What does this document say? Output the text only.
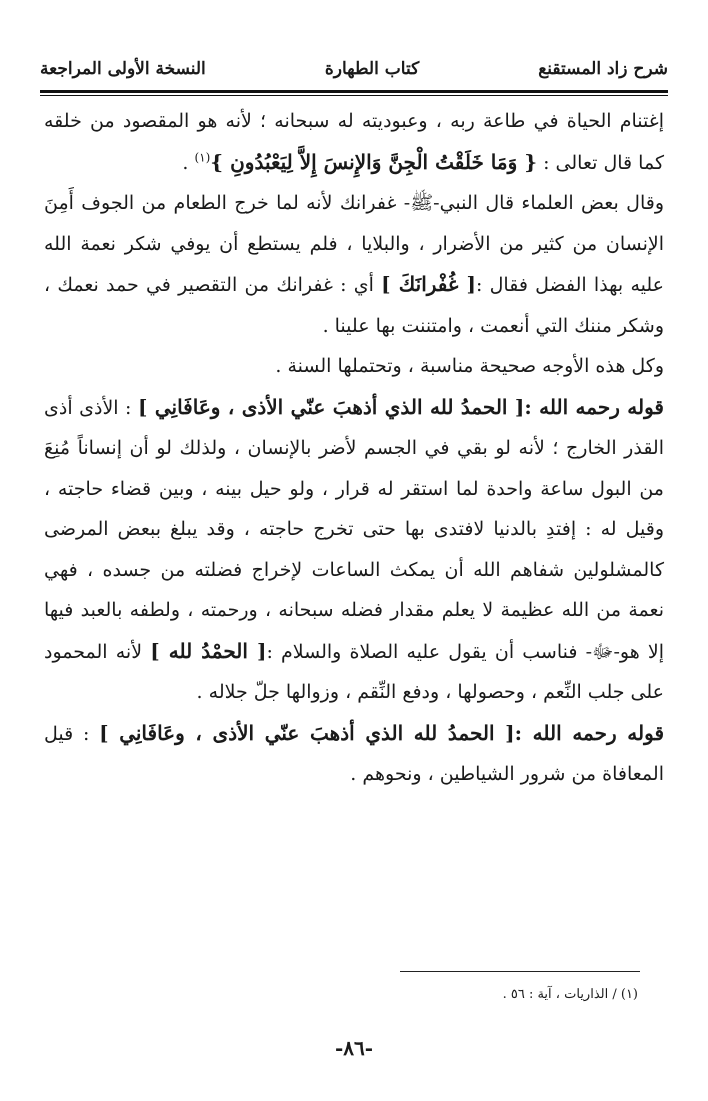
شرح زاد المستقنع
كتاب الطهارة
النسخة الأولى المراجعة

إغتنام الحياة في طاعة ربه ، وعبوديته له سبحانه ؛ لأنه هو المقصود من خلقه كما قال تعالى : { وَمَا خَلَقْتُ الْجِنَّ وَالإِنسَ إِلاَّ لِيَعْبُدُونِ }$^{(١)}$ .

وقال بعض العلماء قال النبي-ﷺ- غفرانك لأنه لما خرج الطعام من الجوف أَمِنَ الإنسان من كثير من الأضرار ، والبلايا ، فلم يستطع أن يوفي شكر نعمة الله عليه بهذا الفضل فقال :[ غُفْرانَكَ ] أي : غفرانك من التقصير في حمد نعمك ، وشكر مننك التي أنعمت ، وامتننت بها علينا .

وكل هذه الأوجه صحيحة مناسبة ، وتحتملها السنة .

قوله رحمه الله :[ الحمدُ لله الذي أذهبَ عنّي الأذى ، وعَافَانِي ] : الأذى أذى القذر الخارج ؛ لأنه لو بقي في الجسم لأضر بالإنسان ، ولذلك لو أن إنساناً مُنِعَ من البول ساعة واحدة لما استقر له قرار ، ولو حيل بينه ، وبين قضاء حاجته ، وقيل له : إفتدِ بالدنيا لافتدى بها حتى تخرج حاجته ، وقد يبلغ ببعض المرضى كالمشلولين شفاهم الله أن يمكث الساعات لإخراج فضلته من جسده ، فهي نعمة من الله عظيمة لا يعلم مقدار فضله سبحانه ، ورحمته ، ولطفه بالعبد فيها إلا هو-ﷻ- فناسب أن يقول عليه الصلاة والسلام :[ الحمْدُ لله ] لأنه المحمود على جلب النِّعم ، وحصولها ، ودفع النِّقم ، وزوالها جلّ جلاله .

قوله رحمه الله :[ الحمدُ لله الذي أذهبَ عنّي الأذى ، وعَافَانِي ] : قيل المعافاة من شرور الشياطين ، ونحوهم .

(١) / الذاريات ، آية : ٥٦ .
-٨٦-
